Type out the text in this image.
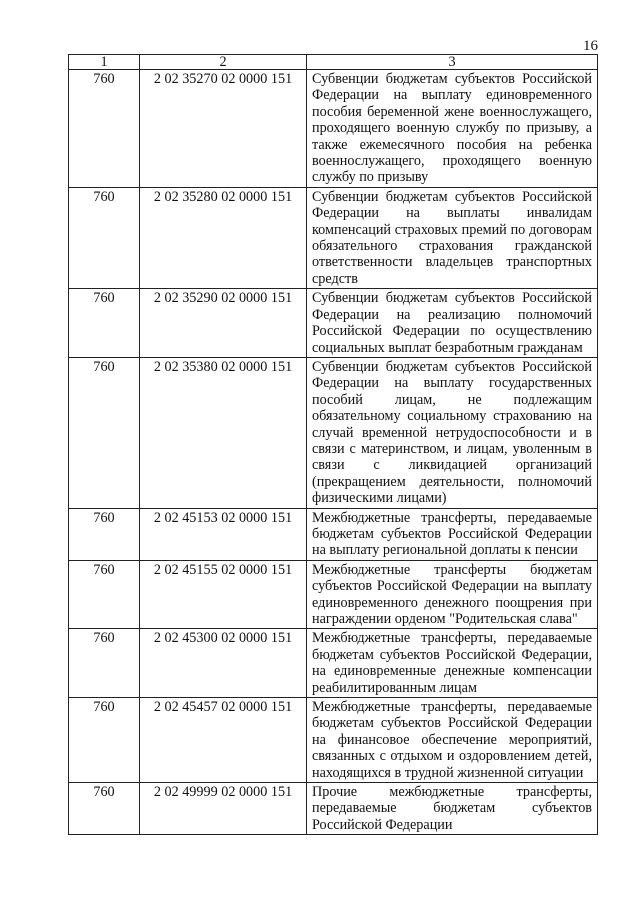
16
1	2	3
760	2 02 35270 02 0000 151	Субвенции бюджетам субъектов Российской Федерации на выплату единовременного пособия беременной жене военнослужащего, проходящего военную службу по призыву, а также ежемесячного пособия на ребенка военнослужащего, проходящего военную службу по призыву
760	2 02 35280 02 0000 151	Субвенции бюджетам субъектов Российской Федерации на выплаты инвалидам компенсаций страховых премий по договорам обязательного страхования гражданской ответственности владельцев транспортных средств
760	2 02 35290 02 0000 151	Субвенции бюджетам субъектов Российской Федерации на реализацию полномочий Российской Федерации по осуществлению социальных выплат безработным гражданам
760	2 02 35380 02 0000 151	Субвенции бюджетам субъектов Российской Федерации на выплату государственных пособий лицам, не подлежащим обязательному социальному страхованию на случай временной нетрудоспособности и в связи с материнством, и лицам, уволенным в связи с ликвидацией организаций (прекращением деятельности, полномочий физическими лицами)
760	2 02 45153 02 0000 151	Межбюджетные трансферты, передаваемые бюджетам субъектов Российской Федерации на выплату региональной доплаты к пенсии
760	2 02 45155 02 0000 151	Межбюджетные трансферты бюджетам субъектов Российской Федерации на выплату единовременного денежного поощрения при награждении орденом "Родительская слава"
760	2 02 45300 02 0000 151	Межбюджетные трансферты, передаваемые бюджетам субъектов Российской Федерации, на единовременные денежные компенсации реабилитированным лицам
760	2 02 45457 02 0000 151	Межбюджетные трансферты, передаваемые бюджетам субъектов Российской Федерации на финансовое обеспечение мероприятий, связанных с отдыхом и оздоровлением детей, находящихся в трудной жизненной ситуации
760	2 02 49999 02 0000 151	Прочие межбюджетные трансферты, передаваемые бюджетам субъектов Российской Федерации
